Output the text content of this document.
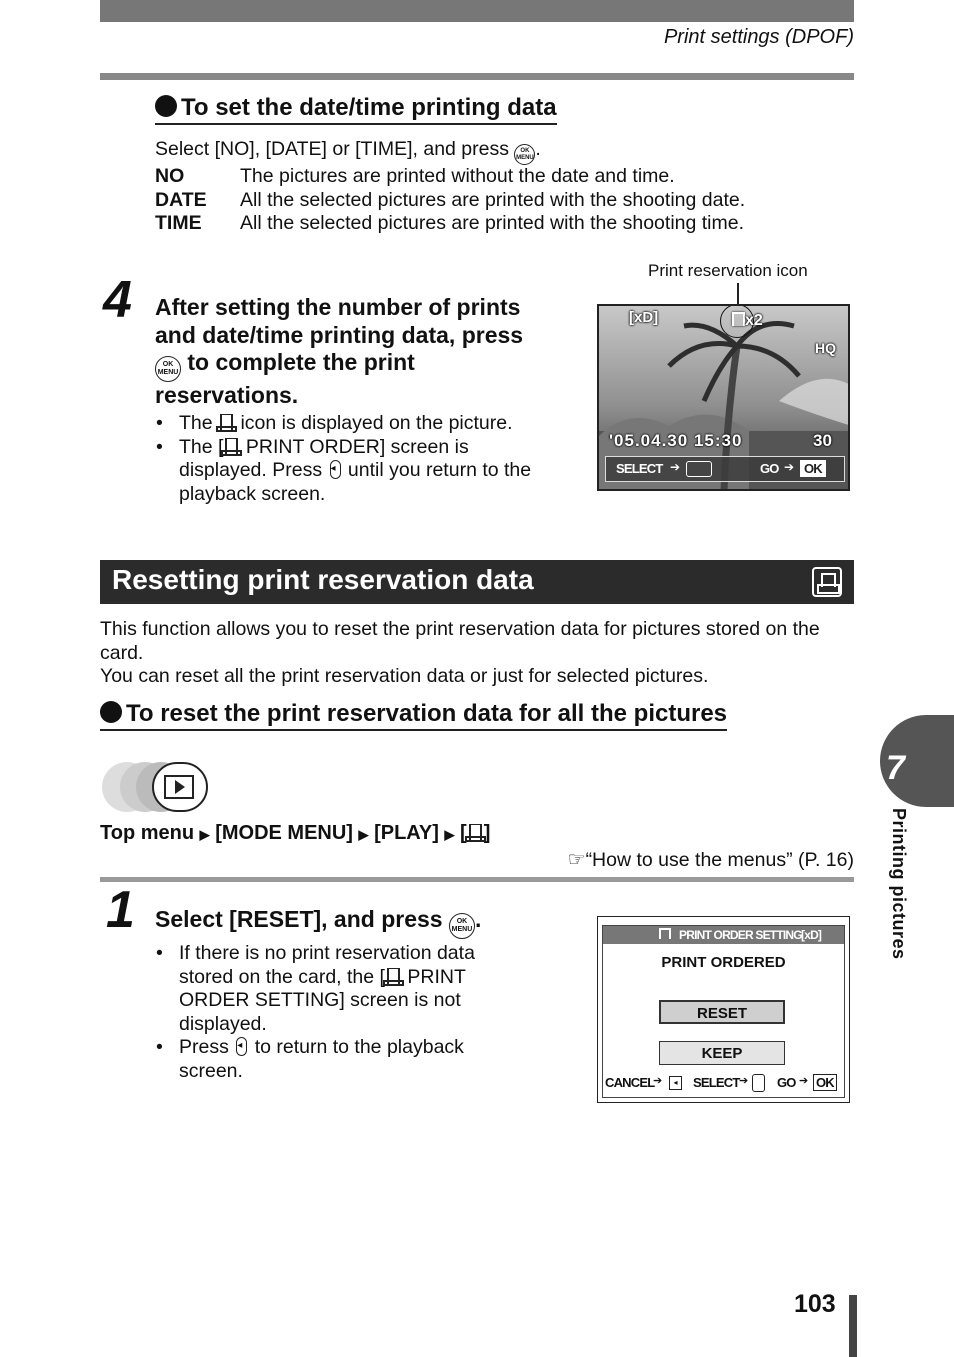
Print settings (DPOF)
To set the date/time printing data
Select [NO], [DATE] or [TIME], and press OK
MENU.
NO	The pictures are printed without the date and time.
DATE	All the selected pictures are printed with the shooting date.
TIME	All the selected pictures are printed with the shooting time.
4 After setting the number of prints and date/time printing data, press OK
MENU to complete the print reservations.
• The icon is displayed on the picture.
• The [ PRINT ORDER] screen is displayed. Press ◂ until you return to the playback screen.
Print reservation icon
[xD]	x2
HQ
'05.04.30 15:30	30
SELECT ➔	GO ➔ OK
Resetting print reservation data
This function allows you to reset the print reservation data for pictures stored on the card.
You can reset all the print reservation data or just for selected pictures.
To reset the print reservation data for all the pictures
Top menu ▶ [MODE MENU] ▶ [PLAY] ▶ [ ]
☞“How to use the menus” (P. 16)
1 Select [RESET], and press OK
MENU .
• If there is no print reservation data stored on the card, the [ PRINT ORDER SETTING] screen is not displayed.
• Press ◂ to return to the playback screen.
PRINT ORDER SETTING [xD]
PRINT ORDERED
RESET
KEEP
CANCEL
➔	◂	SELECT ➔ GO ➔ OK
7
Printing pictures
103
